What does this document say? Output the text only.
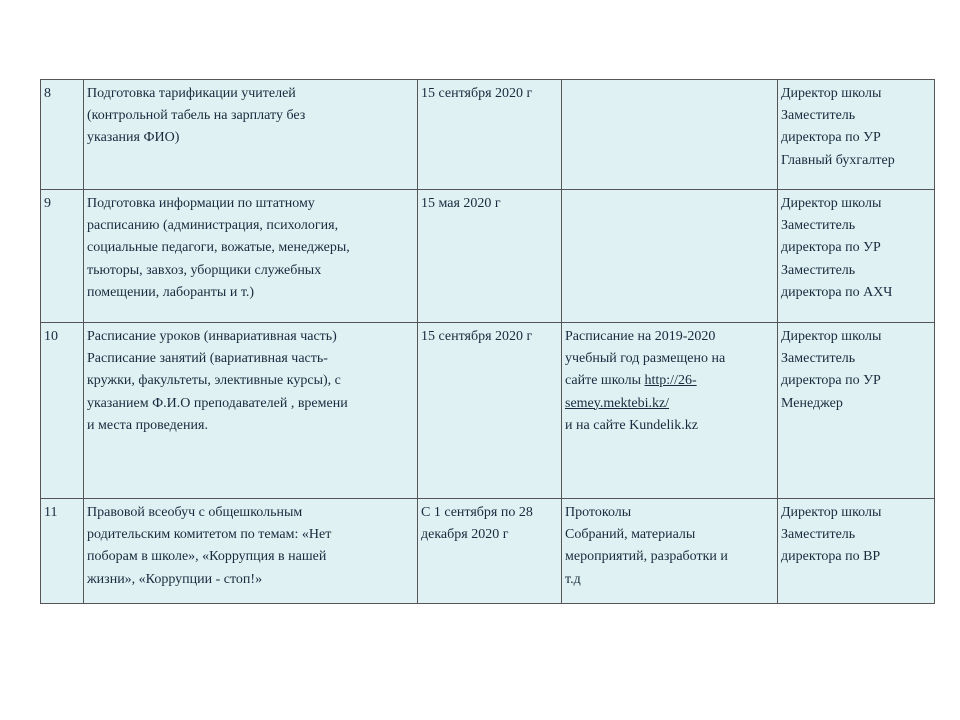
8	Подготовка тарификации учителей
(контрольной табель на зарплату без
указания ФИО)	15 сентября 2020 г		Директор школы
Заместитель
директора по УР
Главный бухгалтер

9	Подготовка информации по штатному
расписанию (администрация, психология,
социальные педагоги, вожатые, менеджеры,
тьюторы, завхоз, уборщики служебных
помещении, лаборанты и т.)	15 мая 2020 г		Директор школы
Заместитель
директора по УР
Заместитель
директора по АХЧ

10	Расписание уроков (инвариативная часть)
Расписание занятий (вариативная часть-
кружки, факультеты, элективные курсы), с
указанием Ф.И.О преподавателей , времени
и места проведения.	15 сентября 2020 г	Расписание на 2019-2020
учебный год размещено на
сайте школы http://26-
semey.mektebi.kz/
и на сайте Kundelik.kz	Директор школы
Заместитель
директора по УР
Менеджер

11	Правовой всеобуч с общешкольным
родительским комитетом по темам: «Нет
поборам в школе», «Коррупция в нашей
жизни», «Коррупции - стоп!»	С 1 сентября по 28
декабря 2020 г	Протоколы
Собраний, материалы
мероприятий, разработки и
т.д	Директор школы
Заместитель
директора по ВР
